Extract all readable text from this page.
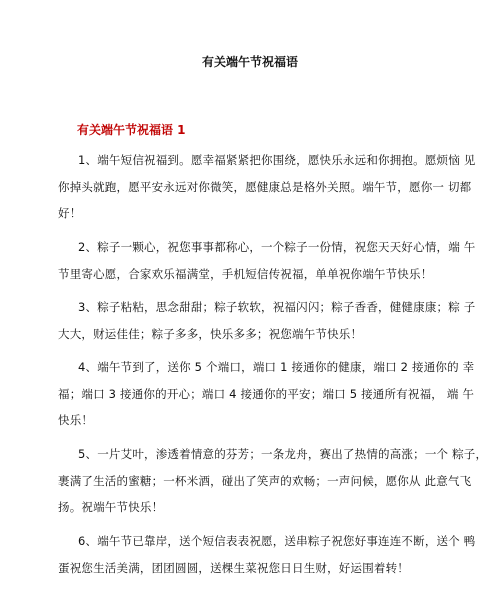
有关端午节祝福语
有关端午节祝福语 1
1、端午短信祝福到。愿幸福紧紧把你围绕，愿快乐永远和你拥抱。愿烦恼 见
你掉头就跑，愿平安永远对你微笑，愿健康总是格外关照。端午节，愿你一 切都
好！
2、粽子一颗心，祝您事事都称心，一个粽子一份情，祝您天天好心情，端 午
节里寄心愿，合家欢乐福满堂，手机短信传祝福，单单祝你端午节快乐！
3、粽子粘粘，思念甜甜；粽子软软，祝福闪闪；粽子香香，健健康康；粽 子
大大，财运佳佳；粽子多多，快乐多多；祝您端午节快乐！
4、端午节到了，送你 5 个端口，端口 1 接通你的健康，端口 2 接通你的 幸
福；端口 3 接通你的开心；端口 4 接通你的平安；端口 5 接通所有祝福， 端 午
快乐！
5、一片艾叶，渗透着情意的芬芳；一条龙舟，赛出了热情的高涨；一个 粽子，
裹满了生活的蜜糖；一杯米酒，碰出了笑声的欢畅；一声问候，愿你从 此意气飞
扬。祝端午节快乐！
6、端午节已靠岸，送个短信表表祝愿，送串粽子祝您好事连连不断，送个 鸭
蛋祝您生活美满，团团圆圆，送棵生菜祝您日日生财，好运围着转！
